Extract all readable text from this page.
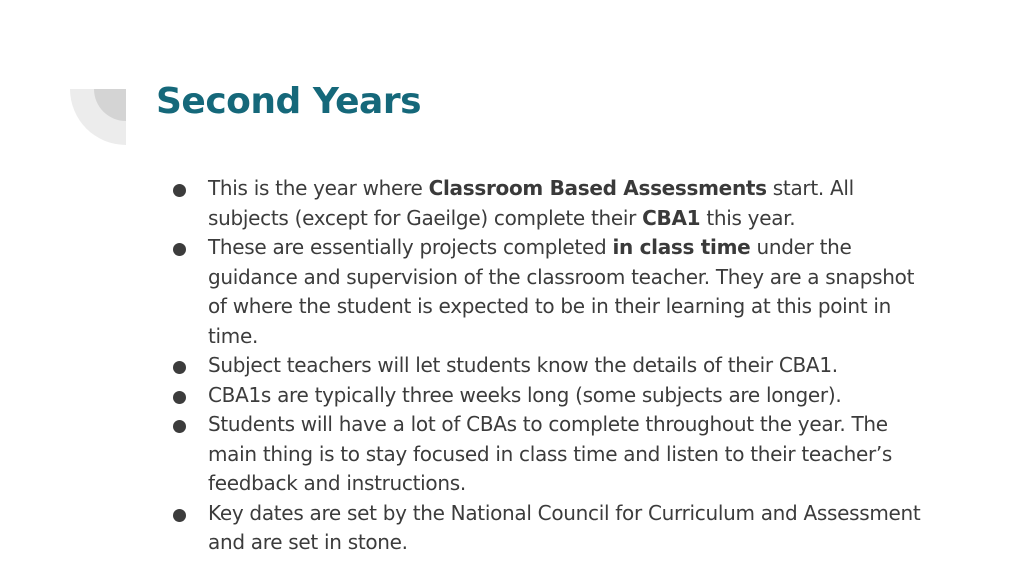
Second Years
This is the year where Classroom Based Assessments start. All subjects (except for Gaeilge) complete their CBA1 this year.
These are essentially projects completed in class time under the guidance and supervision of the classroom teacher. They are a snapshot of where the student is expected to be in their learning at this point in time.
Subject teachers will let students know the details of their CBA1.
CBA1s are typically three weeks long (some subjects are longer).
Students will have a lot of CBAs to complete throughout the year. The main thing is to stay focused in class time and listen to their teacher’s feedback and instructions.
Key dates are set by the National Council for Curriculum and Assessment and are set in stone.
